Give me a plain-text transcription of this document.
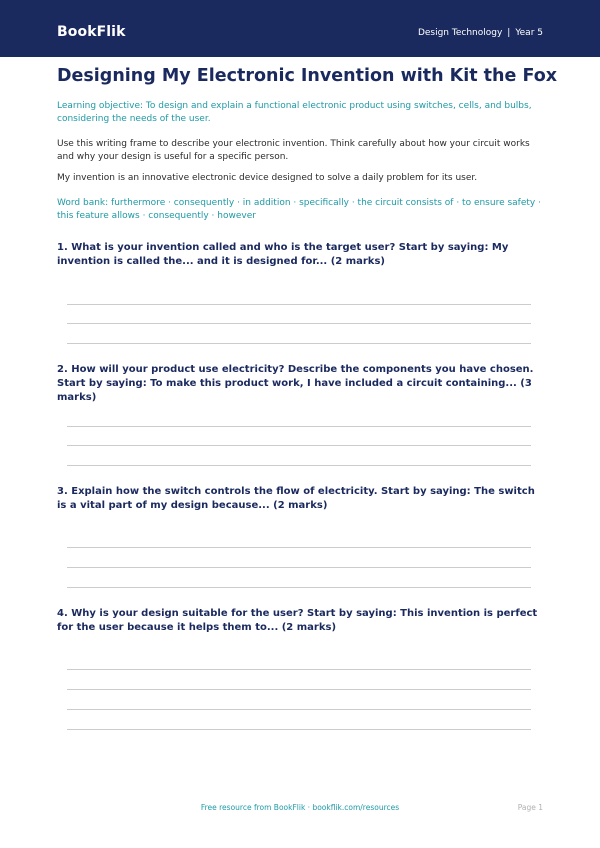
BookFlik	Design Technology | Year 5
Designing My Electronic Invention with Kit the Fox

Learning objective: To design and explain a functional electronic product using switches, cells, and bulbs, considering the needs of the user.

Use this writing frame to describe your electronic invention. Think carefully about how your circuit works and why your design is useful for a specific person.

My invention is an innovative electronic device designed to solve a daily problem for its user.

Word bank: furthermore · consequently · in addition · specifically · the circuit consists of · to ensure safety · this feature allows · consequently · however

1. What is your invention called and who is the target user? Start by saying: My invention is called the... and it is designed for... (2 marks)

2. How will your product use electricity? Describe the components you have chosen. Start by saying: To make this product work, I have included a circuit containing... (3 marks)

3. Explain how the switch controls the flow of electricity. Start by saying: The switch is a vital part of my design because... (2 marks)

4. Why is your design suitable for the user? Start by saying: This invention is perfect for the user because it helps them to... (2 marks)

Free resource from BookFlik · bookflik.com/resources	Page 1
